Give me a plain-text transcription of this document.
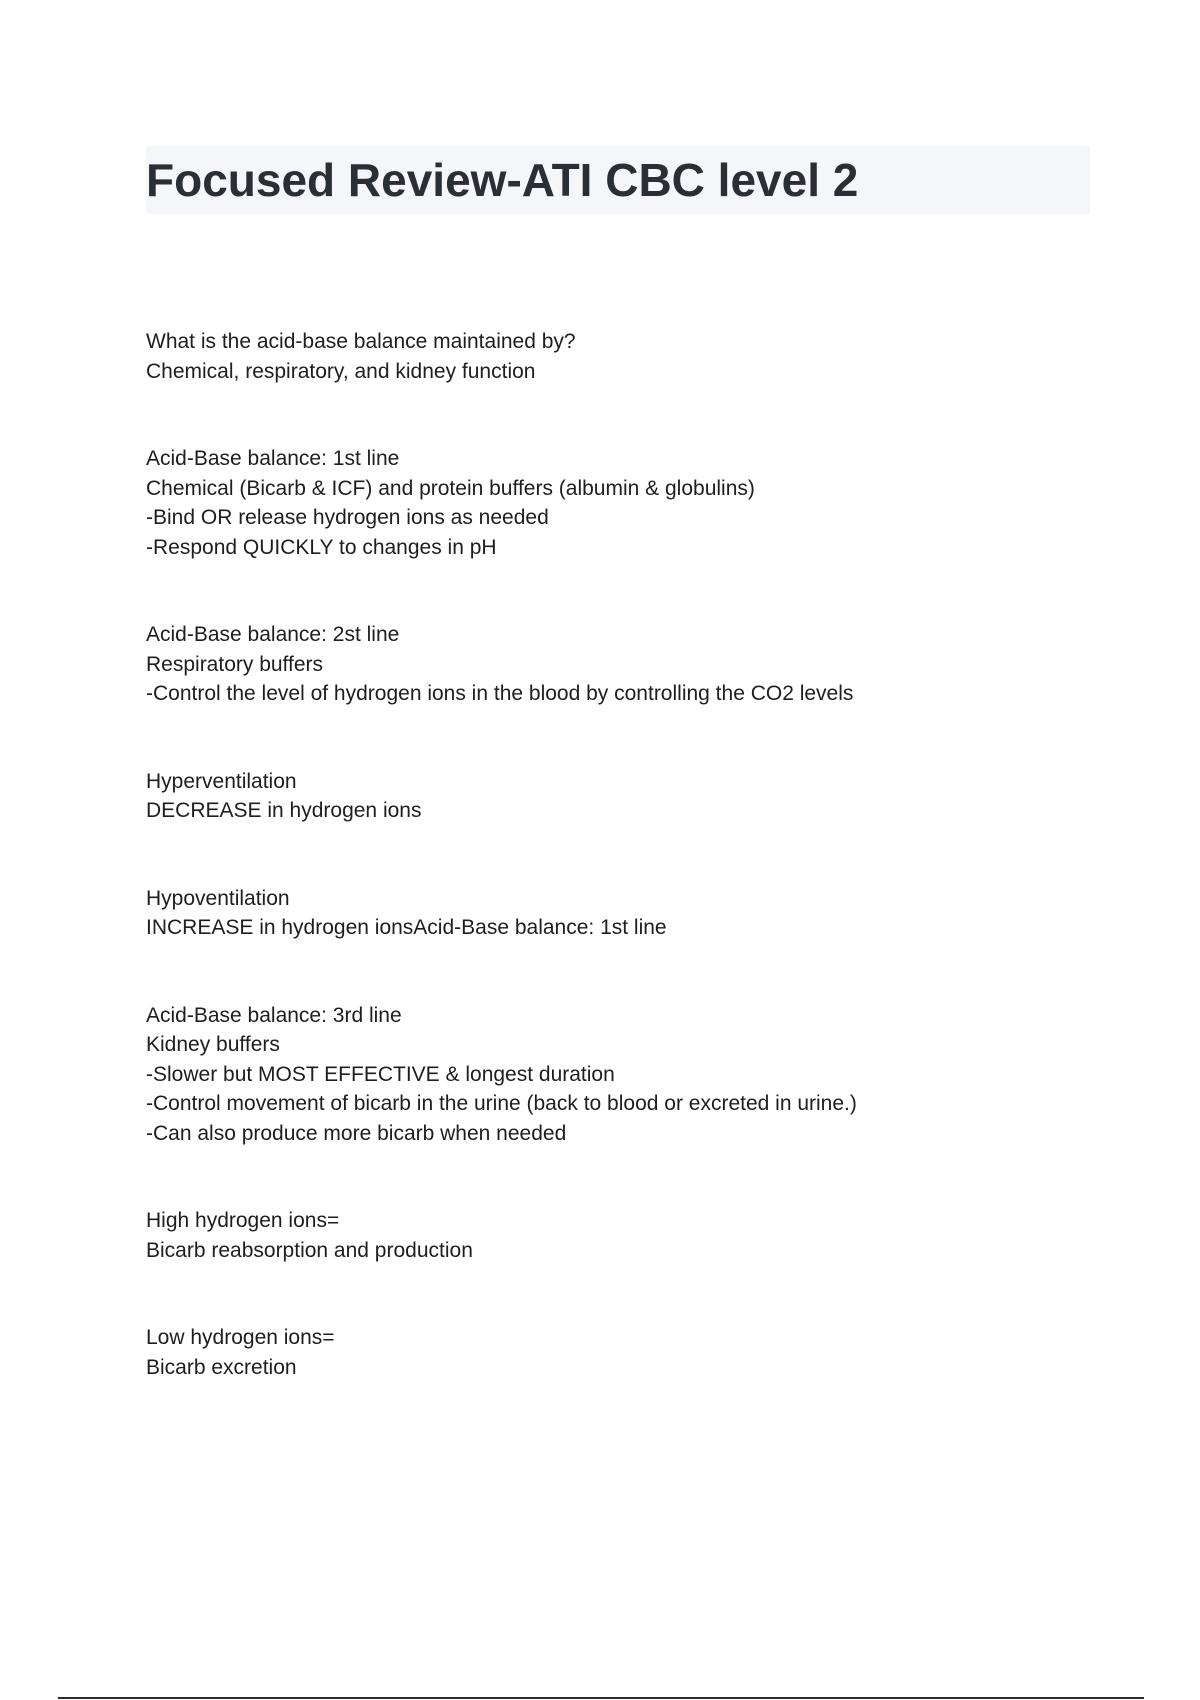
Focused Review-ATI CBC level 2
What is the acid-base balance maintained by?
Chemical, respiratory, and kidney function
Acid-Base balance: 1st line
Chemical (Bicarb & ICF) and protein buffers (albumin & globulins)
-Bind OR release hydrogen ions as needed
-Respond QUICKLY to changes in pH
Acid-Base balance: 2st line
Respiratory buffers
-Control the level of hydrogen ions in the blood by controlling the CO2 levels
Hyperventilation
DECREASE in hydrogen ions
Hypoventilation
INCREASE in hydrogen ionsAcid-Base balance: 1st line
Acid-Base balance: 3rd line
Kidney buffers
-Slower but MOST EFFECTIVE & longest duration
-Control movement of bicarb in the urine (back to blood or excreted in urine.)
-Can also produce more bicarb when needed
High hydrogen ions=
Bicarb reabsorption and production
Low hydrogen ions=
Bicarb excretion
